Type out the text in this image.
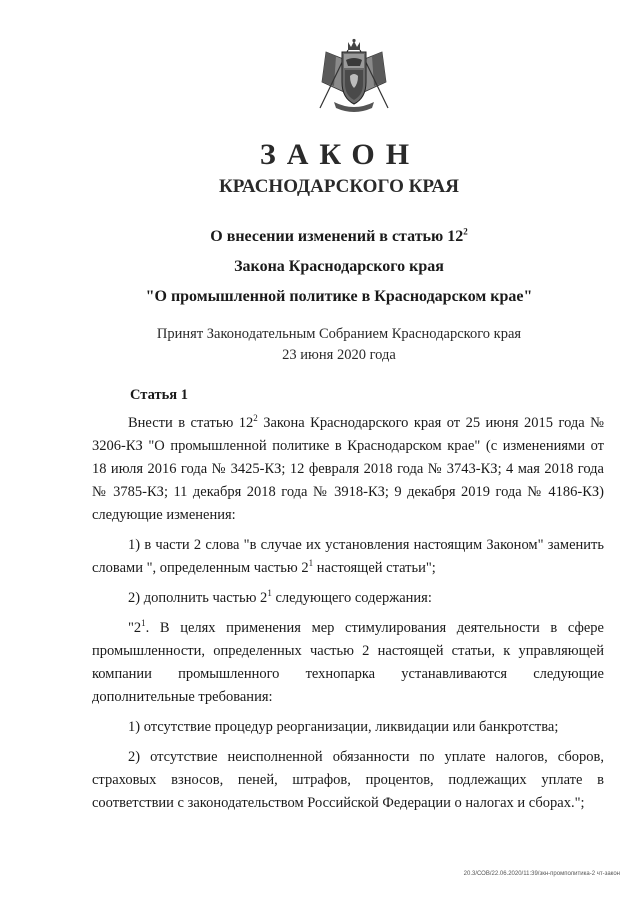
ЗАКОН
КРАСНОДАРСКОГО КРАЯ
О внесении изменений в статью $12^2$
Закона Краснодарского края
"О промышленной политике в Краснодарском крае"
Принят Законодательным Собранием Краснодарского края
23 июня 2020 года
Статья 1

Внести в статью $12^2$ Закона Краснодарского края от 25 июня 2015 года № 3206-КЗ "О промышленной политике в Краснодарском крае" (с изменениями от 18 июля 2016 года № 3425-КЗ; 12 февраля 2018 года № 3743-КЗ; 4 мая 2018 года № 3785-КЗ; 11 декабря 2018 года № 3918-КЗ; 9 декабря 2019 года № 4186-КЗ) следующие изменения:

1) в части 2 слова "в случае их установления настоящим Законом" заменить словами ", определенным частью $2^1$ настоящей статьи";

2) дополнить частью $2^1$ следующего содержания:

"$2^1$. В целях применения мер стимулирования деятельности в сфере промышленности, определенных частью 2 настоящей статьи, к управляющей компании промышленного технопарка устанавливаются следующие дополнительные требования:

1) отсутствие процедур реорганизации, ликвидации или банкротства;

2) отсутствие неисполненной обязанности по уплате налогов, сборов, страховых взносов, пеней, штрафов, процентов, подлежащих уплате в соответствии с законодательством Российской Федерации о налогах и сборах.";

20.3/СОВ/22.06.2020/11:39/зкн-промполитика-2 чт-закон
